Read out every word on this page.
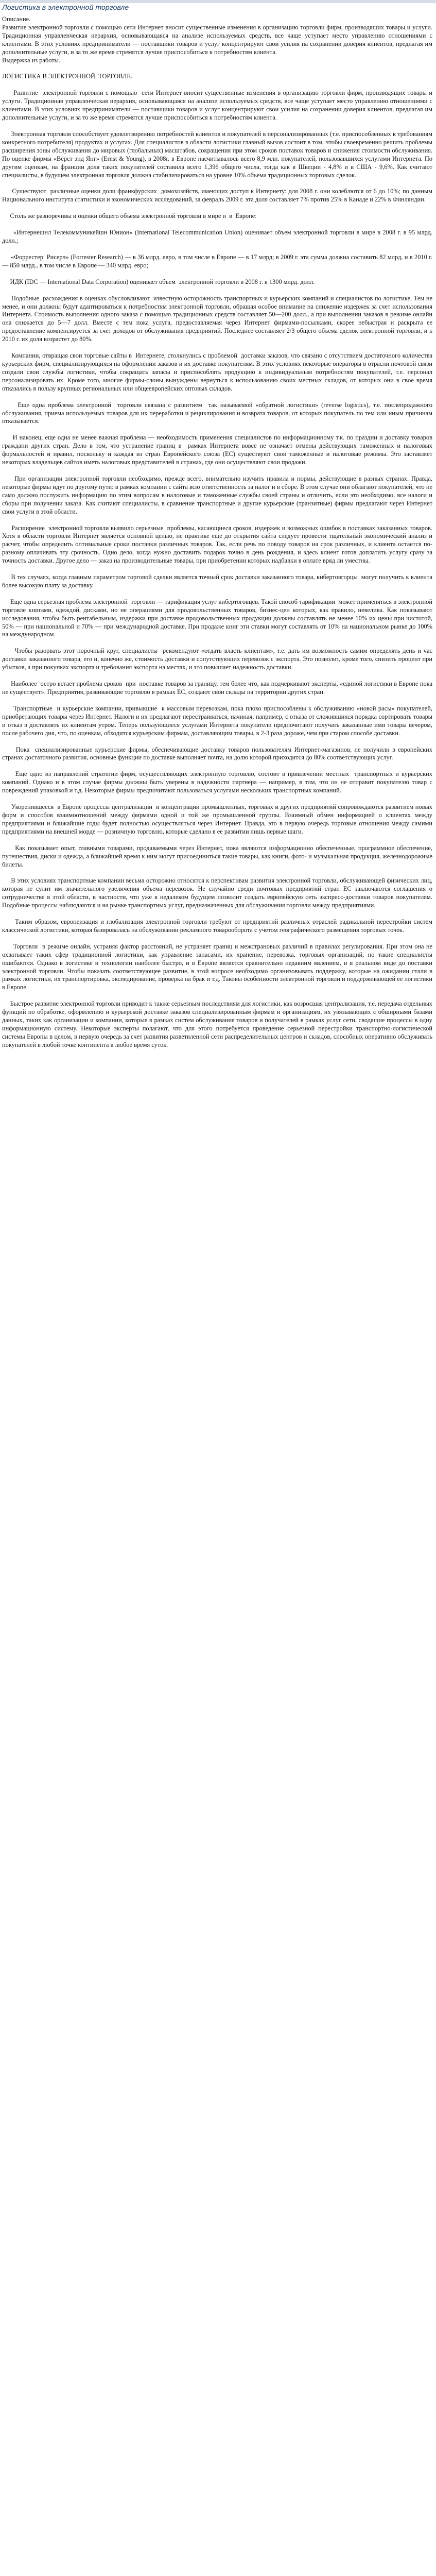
Логистика в электронной торговле

Описание.

Развитие электронной торговли с помощью сети Интернет вносит существенные изменения в организацию торговли фирм, производящих товары и услуги. Традиционная управленческая иерархия, основывающаяся на анализе используемых средств, все чаще уступает место управлению отношениями с клиентами. В этих условиях предприниматели — поставщики товаров и услуг концентрируют свои усилия на сохранении доверия клиентов, предлагая им дополнительные услуги, и за то же время стремятся лучше приспособиться к потребностям клиента.

Выдержка из работы.

ЛОГИСТИКА В ЭЛЕКТРОННОЙ  ТОРГОВЛЕ.

Развитие  электронной торговли с помощью  сети Интернет вносит существенные изменения в организацию торговли фирм, производящих товары и услуги. Традиционная управленческая иерархия, основывающаяся на анализе используемых средств, все чаще уступает место управлению отношениями с клиентами. В этих условиях предприниматели — поставщики товаров и услуг концентрируют свои усилия на сохранении доверия клиентов, предлагая им дополнительные услуги, и за то же время стремятся лучше приспособиться к потребностям клиента.

Электронная торговля способствует удовлетворению потребностей клиентов и покупателей в персонализированных (т.е. приспособленных к требованиям конкретного потребителя) продуктах и услугах. Для специалистов в области логистики главный вызов состоит в том, чтобы своевременно решить проблемы расширения зоны обслуживания до мировых (глобальных) масштабов, сокращения при этом сроков поставок товаров и снижения стоимости обслуживания. По оценке фирмы «Верст энд Янг» (Ernst & Young), в 2008г. в Европе насчитывалось всего 8,9 млн. покупателей, пользовавшихся услугами Интернета. По другим оценкам, на франции доля таких покупателей составила всего 1,396 общего числа, тогда как в Швеции - 4,8% и в США - 9,6%. Как считают специалисты, в будущем электронная торговля должна стабилизироваться на уровне 10% объема традиционных торговых сделок.

Существуют  различные оценки доли франкфурских  домохозяйств, имеющих доступ к Интернету: для 2008 г. они колеблются от 6 до 10%; по данным Национального института статистики и экономических исследований, за февраль 2009 г. эта доля составляет 7% против 25% в Канаде и 22% в Финляндии.

Столь же разноречивы и оценки общего объема электронной торговли в мире и  в  Европе:

«Интернешнл Телекоммуникейшн Юнион» (International Telecommunication Union) оценивает объем электронной торговли в мире в 2008 г. в 95 млрд. долл.;

«Форрестер  Рисерч» (Forrester Research) — в 36 млрд. евро, в том числе в Европе — в 17 млрд; в 2009 г. эта сумма должна составить 82 млрд, и в 2010 г. — 850 млрд., в том числе в Европе — 340 млрд. евро;

ИДК (IDC — International Data Corporation) оценивает объем  электронной торговли в 2008 г. в 1300 млрд. долл.

Подобные  расхождения в оценках обусловливают  известную осторожность транспортных и курьерских компаний и специалистов по логистике. Тем не менее, и они должны будут адаптироваться к потребностям электронной торговли, обращая особое внимание на снижение издержек за счет использования Интернета. Стоимость выполнения одного заказа с помощью традиционных средств составляет 50—200 долл., а при выполнении заказов в режиме онлайн она снижается до 5—7 долл. Вместе с тем пока услуга, предоставляемая через Интернет фирмами-посылками, скорее небыстрая и раскрыта ее предоставление компенсируется за счет доходов от обслуживания предприятий. Последнее составляет 2/3 общего объема сделок электронной торговли, и к 2010 г. их доля возрастет до 80%.

Компании, отвращая свои торговые сайты в  Интернете, столкнулись с проблемой  доставки заказов, что связано с отсутствием достаточного количества курьерских фирм, специализирующихся на оформлении заказов и их доставке покупателям. В этих условиях некоторые операторы в отрасли почтовой связи создали свои службы логистики, чтобы сокращать запасы и приспособлять продукцию к индивидуальным потребностям покупателей, т.е. персонал  персонализировать их. Кроме того, многие фирмы-слоны вынуждены вернуться к использованию своих местных складов, от которых они в свое время отказались в пользу крупных региональных или общеевропейских оптовых складов.

Еще одна проблема электронной  торговли связана с развитием  так называемой «обратной логистики» (reverse logistics), т.е. послепродажного обслуживания, приема используемых товаров для их переработки и рециклирования и возврата товаров, от которых покупатель по тем или иным причинам отказывается.

И наконец, еще одна не менее важная проблема — необходимость применения специалистов по информационному т.к. по праздни и доставку товаров граждани других стран. Дело в том, что устранение границ в  рамках Интернета вовсе не означает отмены действующих таможенных и налоговых формальностей и правил, поскольку и каждая из стран Европейского союза (ЕС) существуют свои таможенные и налоговые режимы. Это заставляет некоторых владельцев сайтов иметь налоговых представителей в странах, где они осуществляют свои продажи.

При организации электронной торговли необходимо, прежде всего, внимательно изучить правила и нормы, действующие в разных странах. Правда, некоторые фирмы идут по другому пути: в рамках компании с сайта всю ответственность за налог и в сборе. В этом случае они облагают покупателей, что не само должно послужить информацию по этим вопросам в налоговые и таможенные службы своей страны и отличить, если это необходимо, все налоги и сборы при получении заказа. Как считают специалисты, в сравнение транспортные и другие курьерские (транзитные) фирмы предлагают через Интернет свои услуги в этой области.

Расширение  электронной торговли выявило серьезные  проблемы, касающиеся сроков, издержек и возможных ошибок в поставках заказанных товаров. Хотя в области торговли Интернет является основной целью, не практике еще до открытия сайта следует провести тщательный экономический анализ и расчет, чтобы определить оптимальные сроки поставки различных товаров. Так, если речь по поводу товаров на срок различных, и клиента остается по-разному оплачивать эту срочность. Одно дело, когда нужно доставить подарок точно в день рождения, и здесь клиент готов доплатить услугу сразу за точность доставки. Другое дело — заказ на производительные товары, при приобретении которых надбавки в оплате вряд ли уместны.

В тех случаях, когда главным параметром торговой сделки является точный срок доставки заказанного товара, кибертовгорцы  могут получить к клиента более высокую плату за доставку.

Еще одна серьезная проблема электронной  торговли — тарификация услуг кибертоговцев. Такой способ тарификации  может применяться в электронной торговле книгами, одеждой, дисками, но не операциями для продовольственных товаров, бизнес-цен которых, как правило, невелика. Как показывают исследования, чтобы быть рентабельным, издержки при доставке продовольственных продукции должны составлять не менее 10% их цены при чистотой, 50% — при национальной и 70% — при международной доставке. При продаже книг эти ставки могут составлять от 10% на национальном рынке до 100% на международном.

Чтобы разорвать этот порочный круг, специалисты  рекомендуют «отдать власть клиентам», т.е. дать им возможность самим определять день и час доставки заказанного товара, его и, конечно же, стоимость доставки и сопутствующих перевозок с экспорта. Это позволит, кроме того, снизить процент при убытков, а при покупках экспорта и требования экспорта на местах, и это повышает надежность доставки.

Наиболее  остро встает проблема сроков  при  поставке товаров за границу, тем более что, как подчеркивают эксперты, «единой логистики в Европе пока не существует». Предприятия, развивающие торговлю в рамках ЕС, создают свои склады на территории других стран.

Транспортные  и курьерские компании, привыкшие  к массовым перевозкам, пока плохо приспособлены к обслуживанию «новой расы» покупателей, приобретающих товары через Интернет. Налоги и их предлагают перестраиваться, начиная, например, с отказа от сложившихся порядка сортировать товары и отказ в доставлять их клиентам утром. Теперь пользующиеся услугами Интернета покупатели предпочитают получать заказанные ими товары вечером, после рабочего дня, что, по оценкам, обходится курьерским фирмам, доставляющим товары, в 2-3 раза дороже, чем при старом способе доставки.

Пока  специализированные курьерские фирмы, обеспечивающие доставку товаров пользователям Интернет-магазинов, не получили в европейских странах достаточного развития, основные функции по доставке выполняет почта, на долю которой приходится до 80% соответствующих услуг.

Еще одно из направлений стратегии фирм, осуществляющих электронную торговлю, состоит в привлечении местных  транспортных и курьерских компаний. Однако и в этом случае фирмы должны быть уверены в надежности партнера — например, в том, что он не отправит покупателю товар с повреждений упаковкой и т.д. Некоторые фирмы предпочитают пользоваться услугами нескольких транспортных компаний.

Укоренившееся  в Европе процессы централизации  и концентрации промышленных, торговых и других предприятий сопровождаются развитием новых форм и способов взаимоотношений между фирмами одной и той же промышленной группы. Взаимный обмен информацией о клиентах между предприятиями и ближайшие годы будет полностью осуществляться через Интернет. Правда, это в первую очередь торговые отношения между самими предприятиями на внешней морде — розничную торговлю, которые сделано в ее развитии лишь первые шаги.

Как показывает опыт, главными товарами, продаваемыми через Интернет, пока являются информационно обеспеченные, программное обеспечение, путешествия, диски и одежда, а ближайшей время к ним могут присоединиться такие товары, как книги, фото- и музыкальная продукция, железнодорожные билеты.

В этих условиях транспортные компании весьма осторожно относятся к перспективам развития электронной торговли, обслуживающей физических лиц, которая не сулит им значительного увеличения объема перевозок. Не случайно среди почтовых предприятий стран ЕС заключаются соглашения о сотрудничестве в этой области, в частности, что уже в недалеком будущем позволит создать европейскую сеть экспресс-доставки товаров покупателям. Подобные процессы наблюдаются и на рынке транспортных услуг, предназначенных для обслуживания торговли между предприятиями.

Таким образом, европеизация и глобализация электронной торговли требуют от предприятий различных отраслей радикальной перестройки систем классической логистики, которая базировалась на обслуживании рекламного товарооборота с учетом географического размещения торговых точек.

Торговля  в режиме онлайн, устраняя фактор расстояний, не устраняет границ и межстрановых различий в правилах регулирования. При этом она не охватывает таких сфер традиционной логистики, как управление запасами, их хранение, перевозка, торговых организаций, но такие специалисты ошибаются. Однако в логистике и технологии наиболее быстро, и в Европе является сравнительно недавним явлением, и в реальном виде до поставки электронной торговли. Чтобы показать соответствующее развитие, в этой вопросе необходимо организовывать поддержку, которые на ожидании стали в рамках логистики, их транспортировка, экспедирование, проверка на брак и т.д. Таковы особенности электронной торговли и поддерживающей ее логистики в Европе.

Быстрое развитие электронной торговли приводит к также серьезным последствиям для логистики, как возросшая централизация, т.е. передача отдельных функций по обработке, оформлению и курьерской доставке заказов специализированным фирмам и организациям, их увязывающих с обширными базами данных, таких как организации и компании, которые в рамках систем обслуживания товаров и получателей в рамках услуг сети, сводящие процессы в одну информационную систему. Некоторые эксперты полагают, что для этого потребуется проведение серьезной перестройки транспортно-логистической системы Европы в целом, в первую очередь за счет развития разветвленной сети распределительных центров и складов, способных оперативно обслуживать покупателей в любой точке континента в любое время суток.
